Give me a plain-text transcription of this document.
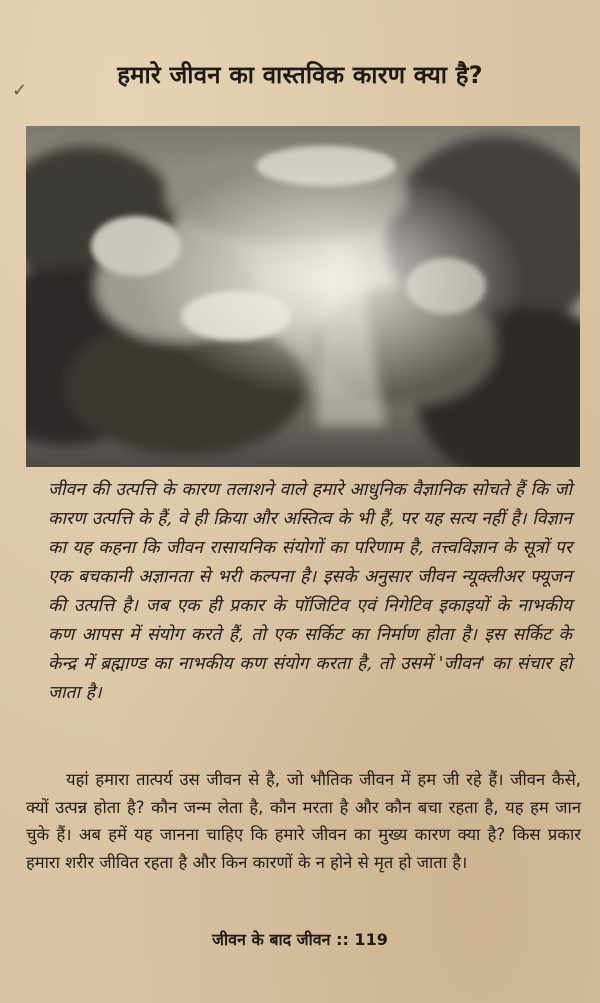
✓
हमारे जीवन का वास्तविक कारण क्या है?
जीवन की उत्पत्ति के कारण तलाशने वाले हमारे आधुनिक वैज्ञानिक सोचते हैं कि जो कारण उत्पत्ति के हैं, वे ही क्रिया और अस्तित्व के भी हैं, पर यह सत्य नहीं है। विज्ञान का यह कहना कि जीवन रासायनिक संयोगों का परिणाम है, तत्त्वविज्ञान के सूत्रों पर एक बचकानी अज्ञानता से भरी कल्पना है। इसके अनुसार जीवन न्यूक्लीअर फ्यूजन की उत्पत्ति है। जब एक ही प्रकार के पॉजिटिव एवं निगेटिव इकाइयों के नाभकीय कण आपस में संयोग करते हैं, तो एक सर्किट का निर्माण होता है। इस सर्किट के केन्द्र में ब्रह्माण्ड का नाभकीय कण संयोग करता है, तो उसमें 'जीवन' का संचार हो जाता है।

यहां हमारा तात्पर्य उस जीवन से है, जो भौतिक जीवन में हम जी रहे हैं। जीवन कैसे, क्यों उत्पन्न होता है? कौन जन्म लेता है, कौन मरता है और कौन बचा रहता है, यह हम जान चुके हैं। अब हमें यह जानना चाहिए कि हमारे जीवन का मुख्य कारण क्या है? किस प्रकार हमारा शरीर जीवित रहता है और किन कारणों के न होने से मृत हो जाता है।

जीवन के बाद जीवन :: 119
